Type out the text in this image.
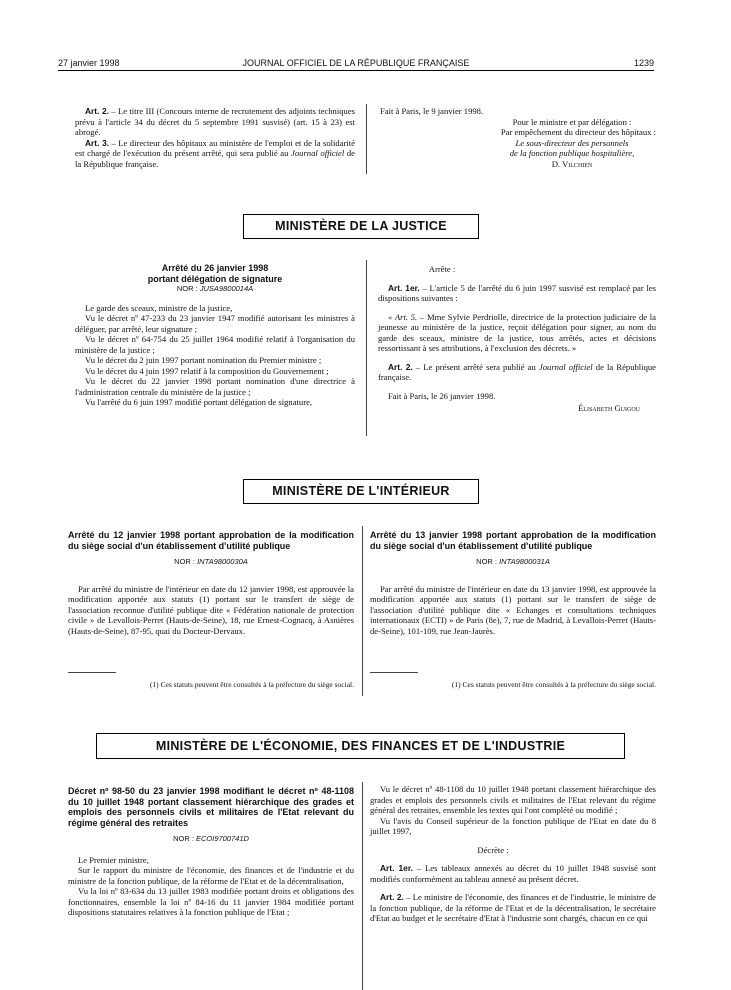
27 janvier 1998	JOURNAL OFFICIEL DE LA RÉPUBLIQUE FRANÇAISE	1239

Art. 2. – Le titre III (Concours interne de recrutement des adjoints techniques prévu à l'article 34 du décret du 5 septembre 1991 susvisé) (art. 15 à 23) est abrogé.

Art. 3. – Le directeur des hôpitaux au ministère de l'emploi et de la solidarité est chargé de l'exécution du présent arrêté, qui sera publié au Journal officiel de la République française.

Fait à Paris, le 9 janvier 1998.

Pour le ministre et par délégation :

Par empêchement du directeur des hôpitaux :

Le sous-directeur des personnels

de la fonction publique hospitalière,

D. Vilchien

MINISTÈRE DE LA JUSTICE

Arrêté du 26 janvier 1998

portant délégation de signature

NOR : JUSA9800014A

Le garde des sceaux, ministre de la justice,

Vu le décret nº 47-233 du 23 janvier 1947 modifié autorisant les ministres à déléguer, par arrêté, leur signature ;

Vu le décret nº 64-754 du 25 juillet 1964 modifié relatif à l'organisation du ministère de la justice ;

Vu le décret du 2 juin 1997 portant nomination du Premier ministre ;

Vu le décret du 4 juin 1997 relatif à la composition du Gouvernement ;

Vu le décret du 22 janvier 1998 portant nomination d'une directrice à l'administration centrale du ministère de la justice ;

Vu l'arrêté du 6 juin 1997 modifié portant délégation de signature,

Arrête :

Art. 1er. – L'article 5 de l'arrêté du 6 juin 1997 susvisé est remplacé par les dispositions suivantes :

« Art. 5. – Mme Sylvie Perdriolle, directrice de la protection judiciaire de la jeunesse au ministère de la justice, reçoit délégation pour signer, au nom du garde des sceaux, ministre de la justice, tous arrêtés, actes et décisions ressortissant à ses attributions, à l'exclusion des décrets. »

Art. 2. – Le présent arrêté sera publié au Journal officiel de la République française.

Fait à Paris, le 26 janvier 1998.

Élisabeth Guigou

MINISTÈRE DE L'INTÉRIEUR

Arrêté du 12 janvier 1998 portant approbation de la modification du siège social d'un établissement d'utilité publique

NOR : INTA9800030A

Par arrêté du ministre de l'intérieur en date du 12 janvier 1998, est approuvée la modification apportée aux statuts (1) portant sur le transfert de siège de l'association reconnue d'utilité publique dite « Fédération nationale de protection civile » de Levallois-Perret (Hauts-de-Seine), 18, rue Ernest-Cognacq, à Asnières (Hauts-de-Seine), 87-95, quai du Docteur-Dervaux.

(1) Ces statuts peuvent être consultés à la préfecture du siège social.

Arrêté du 13 janvier 1998 portant approbation de la modification du siège social d'un établissement d'utilité publique

NOR : INTA9800031A

Par arrêté du ministre de l'intérieur en date du 13 janvier 1998, est approuvée la modification apportée aux statuts (1) portant sur le transfert de siège de l'association d'utilité publique dite « Echanges et consultations techniques internationaux (ECTI) » de Paris (8e), 7, rue de Madrid, à Levallois-Perret (Hauts-de-Seine), 101-109, rue Jean-Jaurès.

(1) Ces statuts peuvent être consultés à la préfecture du siège social.
MINISTÈRE DE L'ÉCONOMIE, DES FINANCES ET DE L'INDUSTRIE

Décret nº 98-50 du 23 janvier 1998 modifiant le décret nº 48-1108 du 10 juillet 1948 portant classement hiérarchique des grades et emplois des personnels civils et militaires de l'Etat relevant du régime général des retraites

NOR : ECOI9700741D

Le Premier ministre,

Sur le rapport du ministre de l'économie, des finances et de l'industrie et du ministre de la fonction publique, de la réforme de l'Etat et de la décentralisation,

Vu la loi nº 83-634 du 13 juillet 1983 modifiée portant droits et obligations des fonctionnaires, ensemble la loi nº 84-16 du 11 janvier 1984 modifiée portant dispositions statutaires relatives à la fonction publique de l'Etat ;

Vu le décret nº 48-1108 du 10 juillet 1948 portant classement hiérarchique des grades et emplois des personnels civils et militaires de l'Etat relevant du régime général des retraites, ensemble les textes qui l'ont complété ou modifié ;

Vu l'avis du Conseil supérieur de la fonction publique de l'Etat en date du 8 juillet 1997,

Décrète :

Art. 1er. – Les tableaux annexés au décret du 10 juillet 1948 susvisé sont modifiés conformément au tableau annexé au présent décret.

Art. 2. – Le ministre de l'économie, des finances et de l'industrie, le ministre de la fonction publique, de la réforme de l'Etat et de la décentralisation, le secrétaire d'Etat au budget et le secrétaire d'Etat à l'industrie sont chargés, chacun en ce qui
